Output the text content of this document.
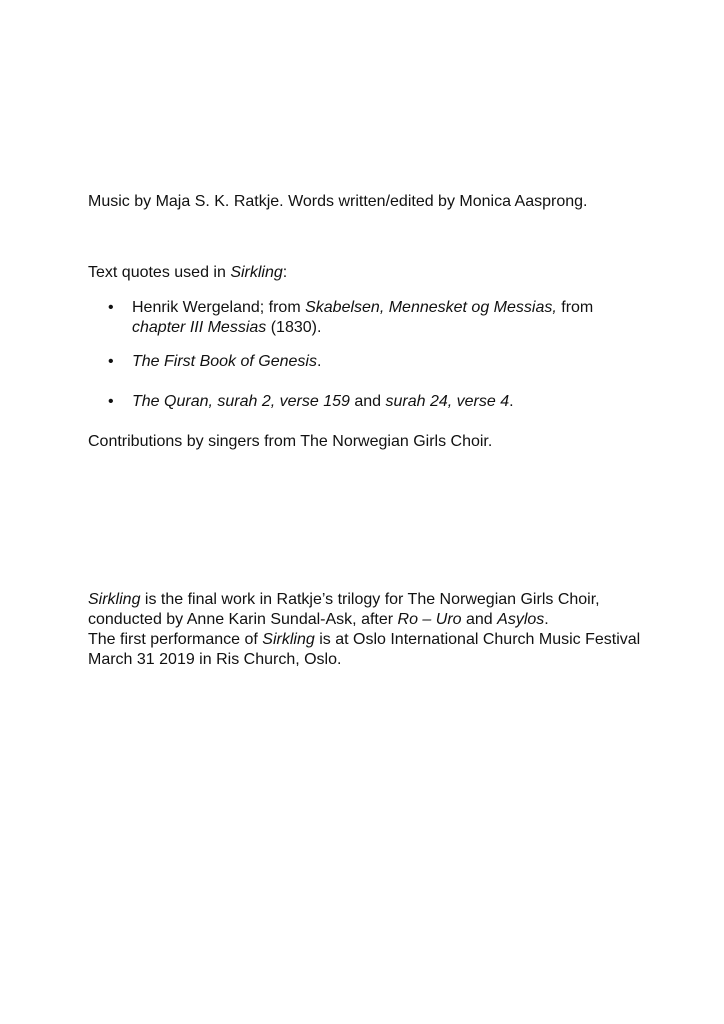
Music by Maja S. K. Ratkje. Words written/edited by Monica Aasprong.

Text quotes used in Sirkling:

• Henrik Wergeland; from Skabelsen, Mennesket og Messias, from chapter III Messias (1830).
• The First Book of Genesis.
• The Quran, surah 2, verse 159 and surah 24, verse 4.

Contributions by singers from The Norwegian Girls Choir.

Sirkling is the final work in Ratkje’s trilogy for The Norwegian Girls Choir, conducted by Anne Karin Sundal-Ask, after Ro – Uro and Asylos.
The first performance of Sirkling is at Oslo International Church Music Festival March 31 2019 in Ris Church, Oslo.
